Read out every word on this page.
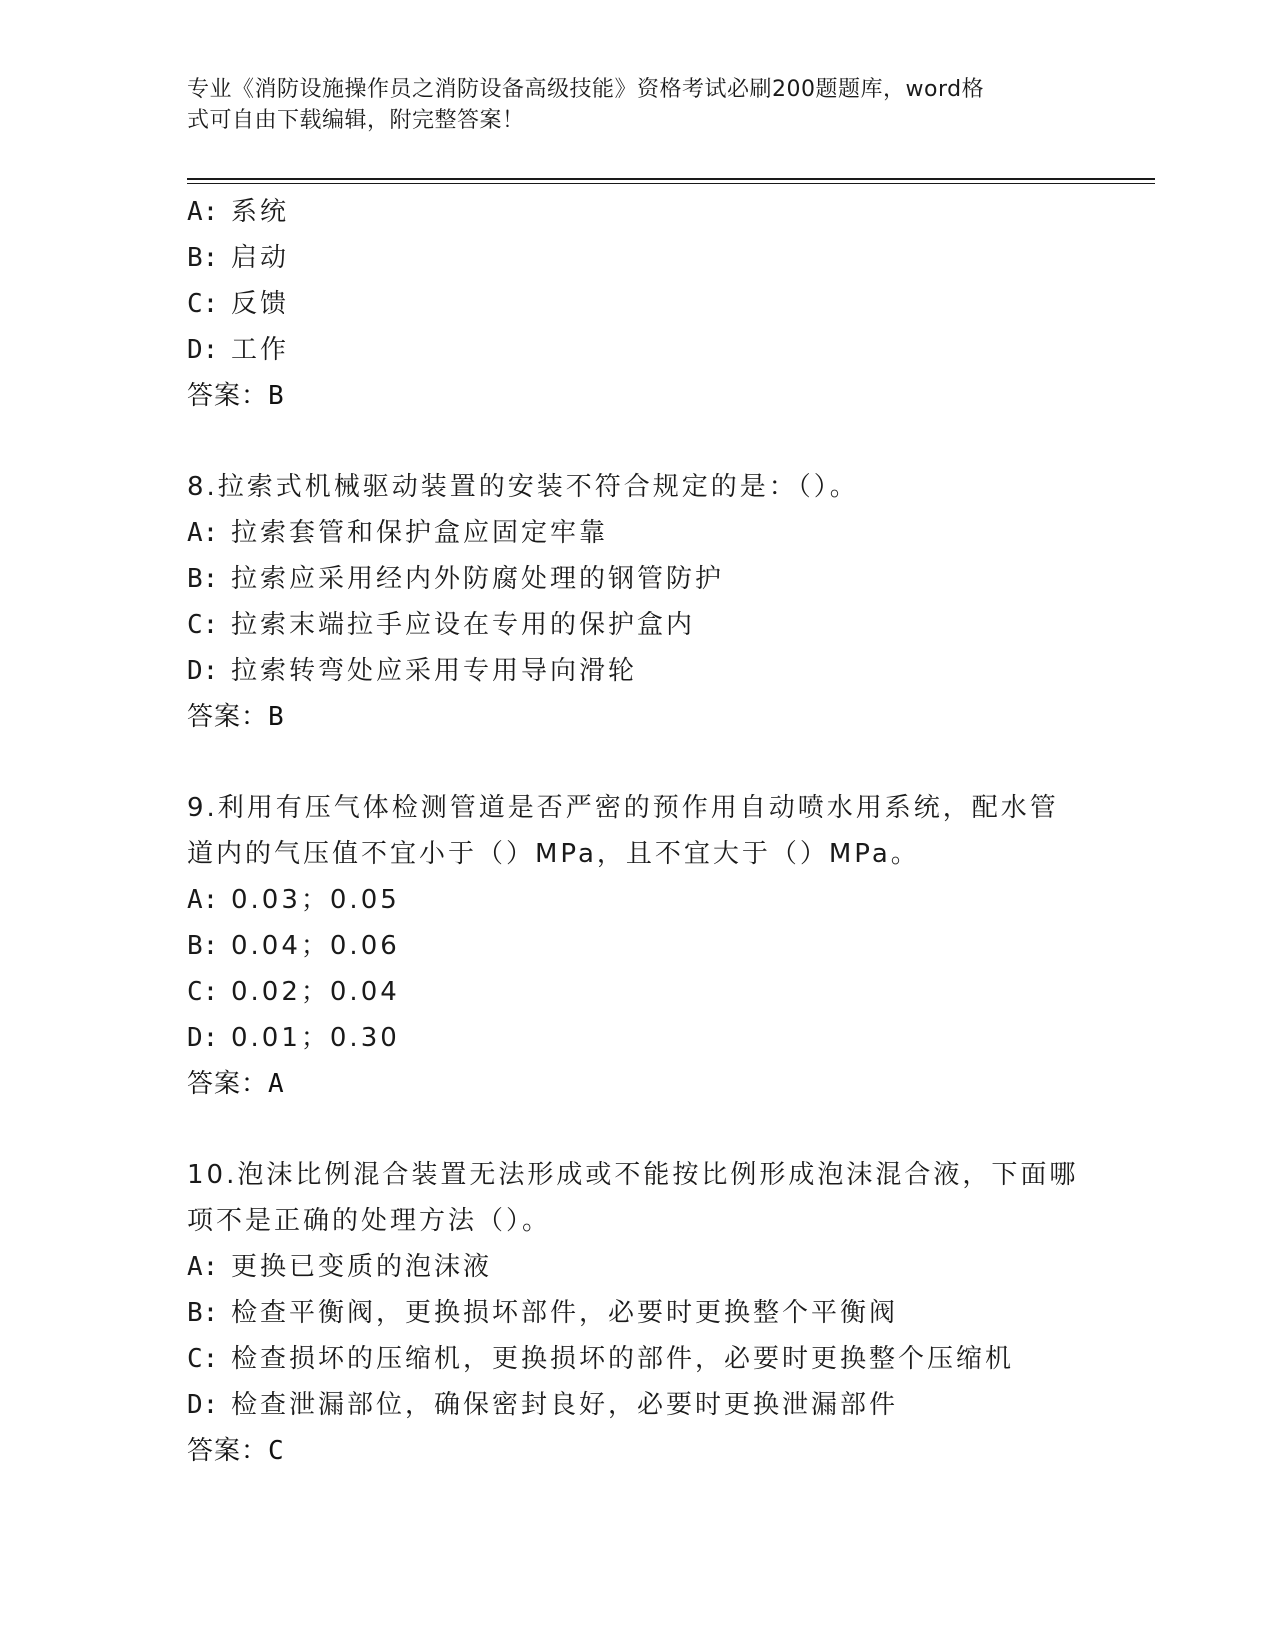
专业《消防设施操作员之消防设备高级技能》资格考试必刷200题题库，word格
式可自由下载编辑，附完整答案！
A: 系统
B: 启动
C: 反馈
D: 工作
答案：B
8.拉索式机械驱动装置的安装不符合规定的是：（）。
A: 拉索套管和保护盒应固定牢靠
B: 拉索应采用经内外防腐处理的钢管防护
C: 拉索末端拉手应设在专用的保护盒内
D: 拉索转弯处应采用专用导向滑轮
答案：B
9.利用有压气体检测管道是否严密的预作用自动喷水用系统，配水管
道内的气压值不宜小于（）MPa，且不宜大于（）MPa。
A: 0.03；0.05
B: 0.04；0.06
C: 0.02；0.04
D: 0.01；0.30
答案：A
10.泡沫比例混合装置无法形成或不能按比例形成泡沫混合液，下面哪
项不是正确的处理方法（）。
A: 更换已变质的泡沫液
B: 检查平衡阀，更换损坏部件，必要时更换整个平衡阀
C: 检查损坏的压缩机，更换损坏的部件，必要时更换整个压缩机
D: 检查泄漏部位，确保密封良好，必要时更换泄漏部件
答案：C
